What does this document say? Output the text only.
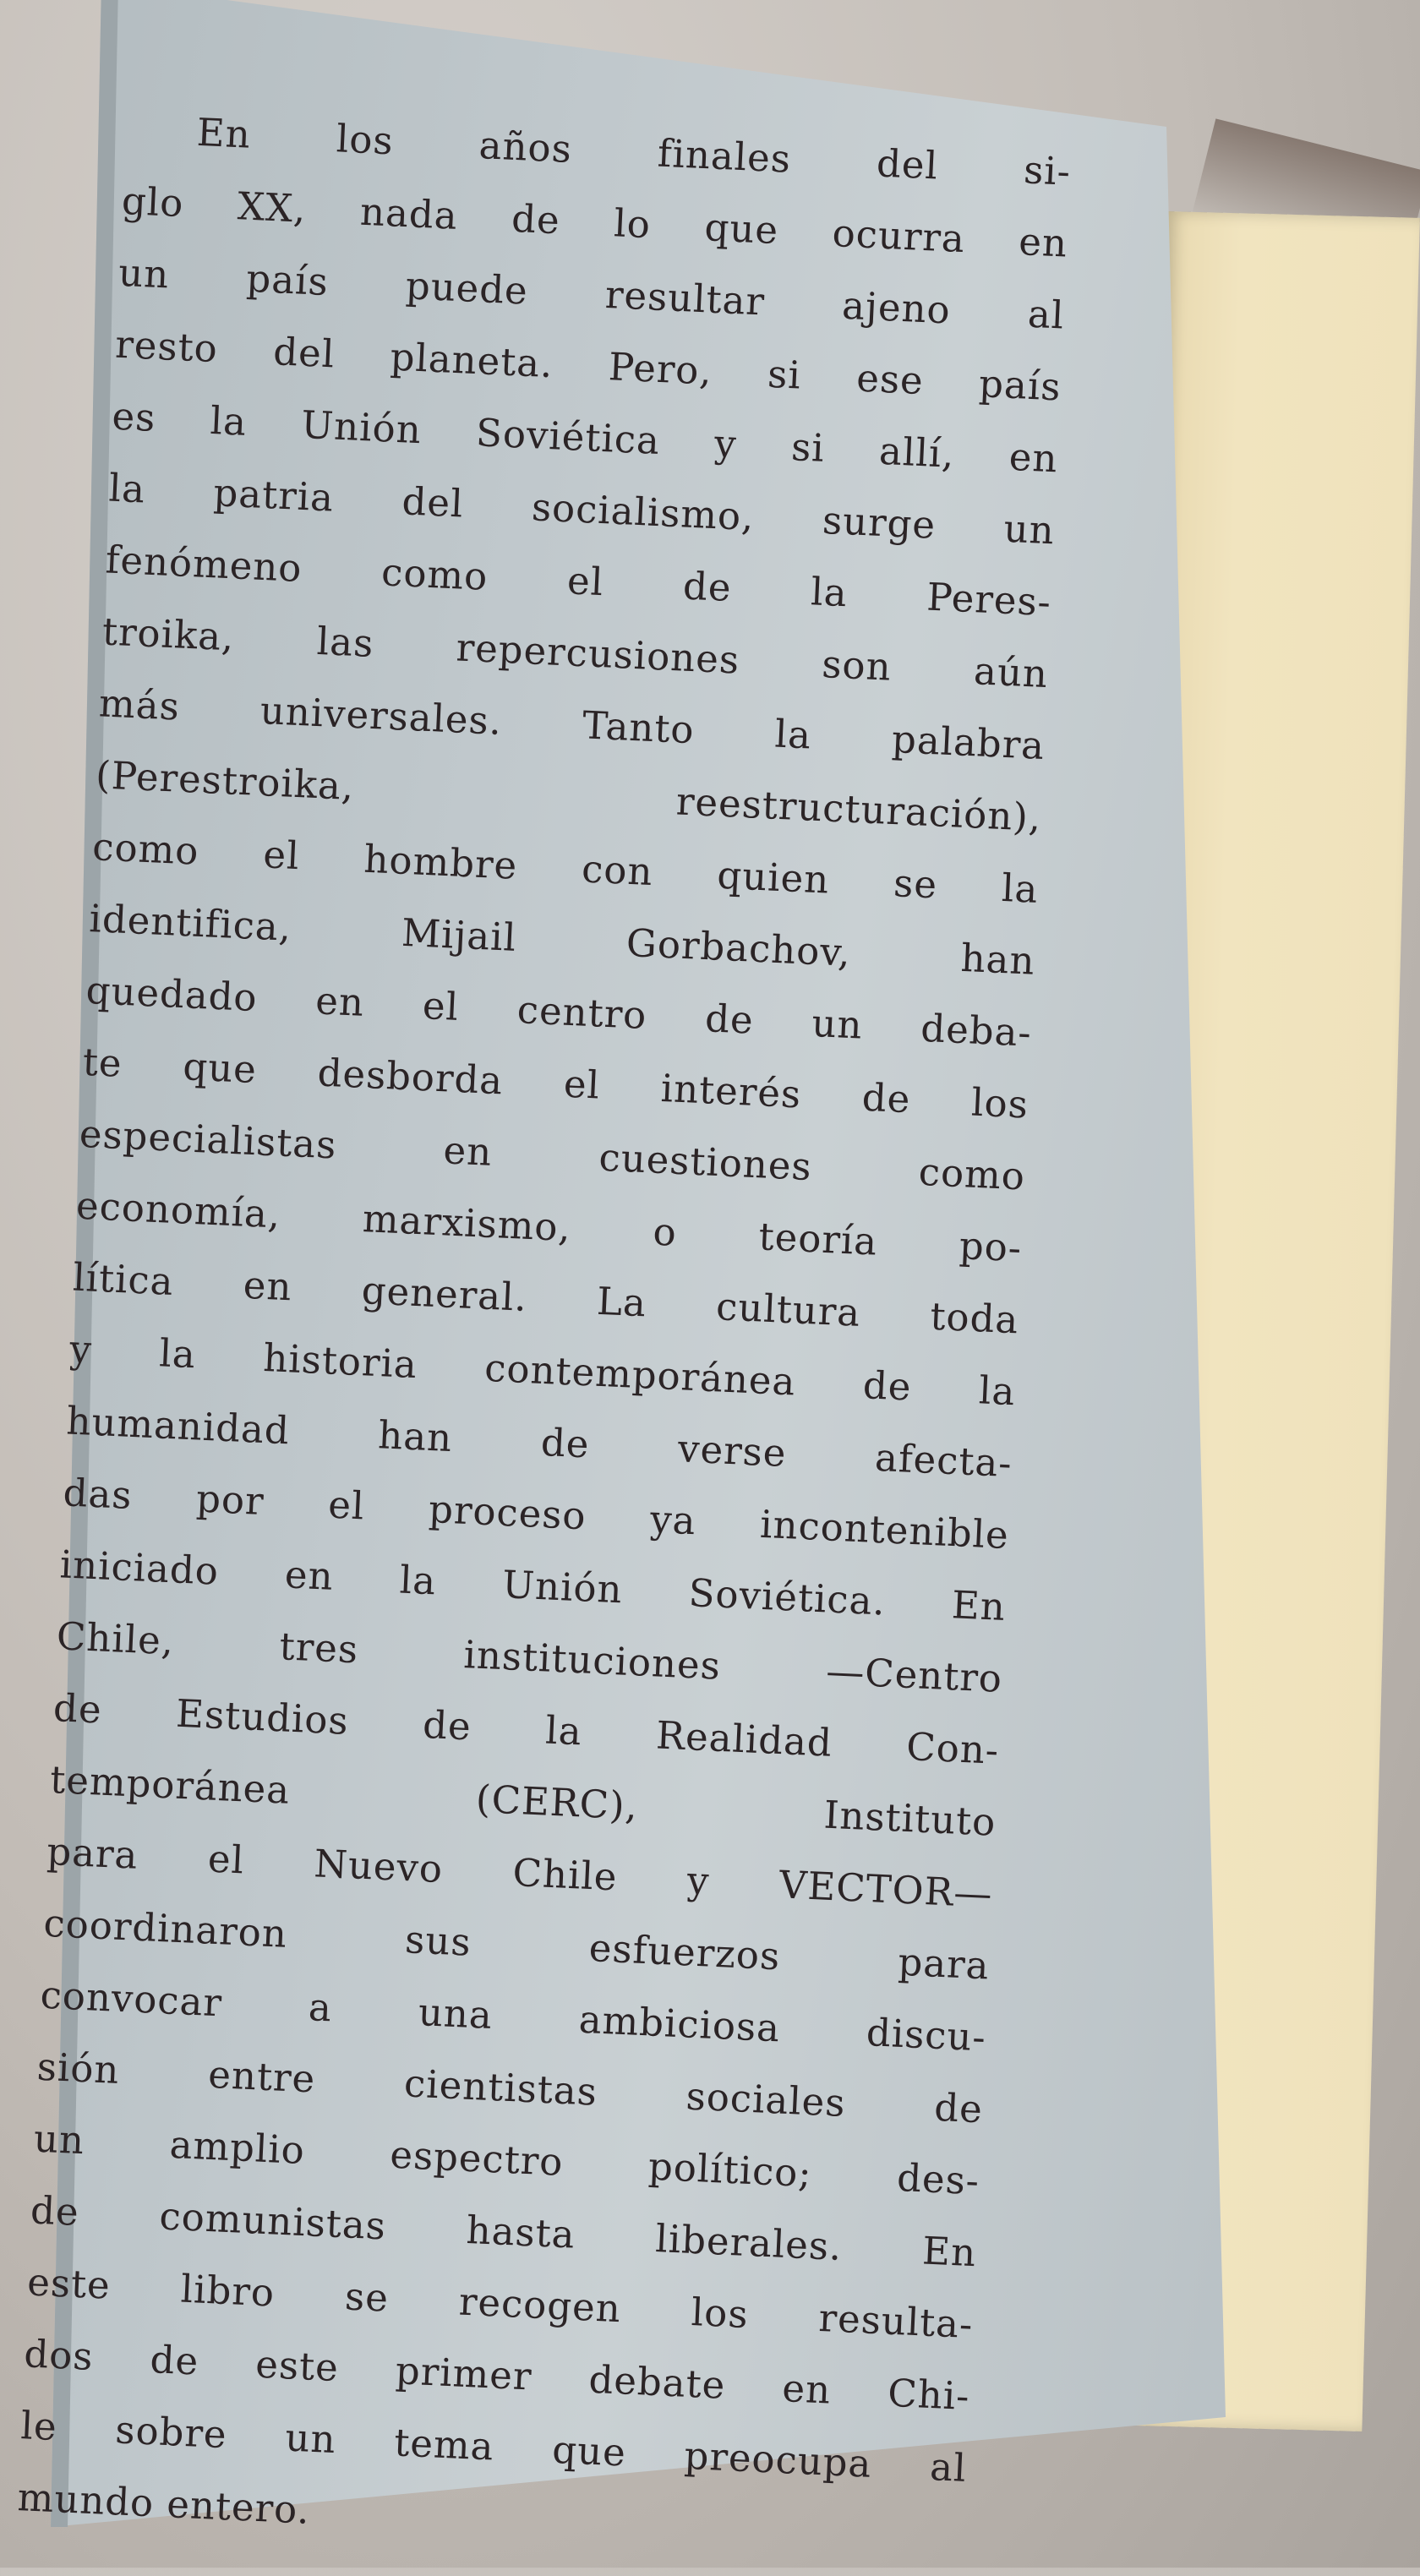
En los años finales del si-
glo XX, nada de lo que ocurra en
un país puede resultar ajeno al
resto del planeta. Pero, si ese país
es la Unión Soviética y si allí, en
la patria del socialismo, surge un
fenómeno como el de la Peres-
troika, las repercusiones son aún
más universales. Tanto la palabra
(Perestroika, reestructuración),
como el hombre con quien se la
identifica, Mijail Gorbachov, han
quedado en el centro de un deba-
te que desborda el interés de los
especialistas en cuestiones como
economía, marxismo, o teoría po-
lítica en general. La cultura toda
y la historia contemporánea de la
humanidad han de verse afecta-
das por el proceso ya incontenible
iniciado en la Unión Soviética. En
Chile, tres instituciones —Centro
de Estudios de la Realidad Con-
temporánea (CERC), Instituto
para el Nuevo Chile y VECTOR—
coordinaron sus esfuerzos para
convocar a una ambiciosa discu-
sión entre cientistas sociales de
un amplio espectro político; des-
de comunistas hasta liberales. En
este libro se recogen los resulta-
dos de este primer debate en Chi-
le sobre un tema que preocupa al
mundo entero.
